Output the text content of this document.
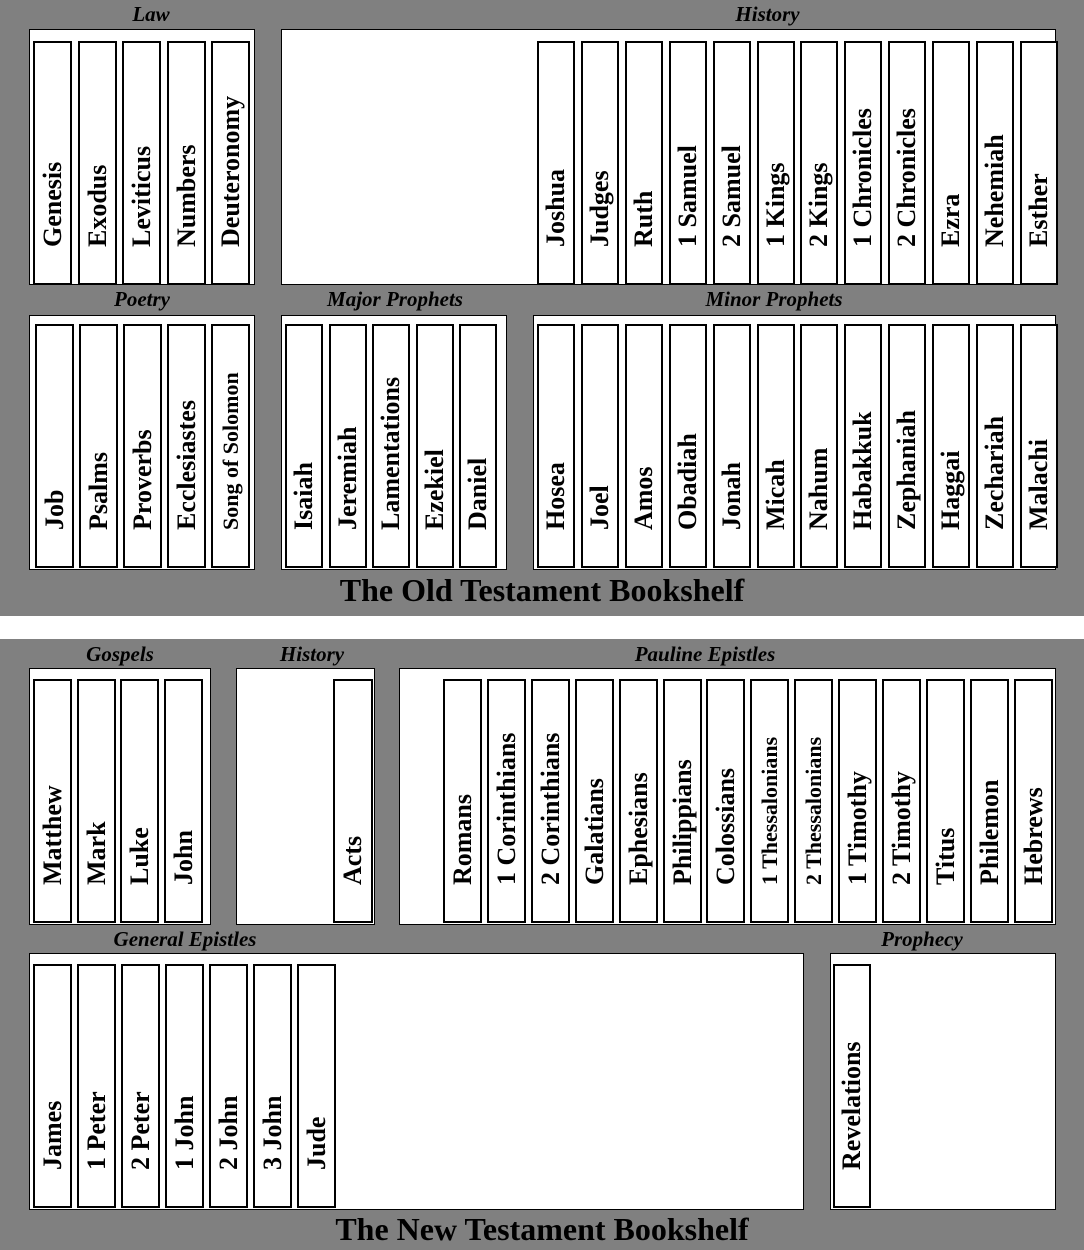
Law	History
Poetry	Major Prophets	Minor Prophets
The Old Testament Bookshelf
Gospels	History	Pauline Epistles
General Epistles	Prophecy
The New Testament Bookshelf
Genesis Exodus Leviticus Numbers Deuteronomy	Joshua Judges Ruth 1 Samuel 2 Samuel 1 Kings 2 Kings 1 Chronicles 2 Chronicles Ezra Nehemiah Esther
Job Psalms Proverbs Ecclesiastes Song of Solomon Isaiah Jeremiah Lamentations Ezekiel Daniel Hosea Joel Amos Obadiah Jonah Micah Nahum Habakkuk Zephaniah Haggai Zechariah Malachi
Matthew Mark Luke John	Acts	Romans 1 Corinthians 2 Corinthians Galatians Ephesians Philippians Colossians 1 Thessalonians 2 Thessalonians 1 Timothy 2 Timothy Titus Philemon Hebrews
James 1 Peter 2 Peter 1 John 2 John 3 John Jude	Revelations
